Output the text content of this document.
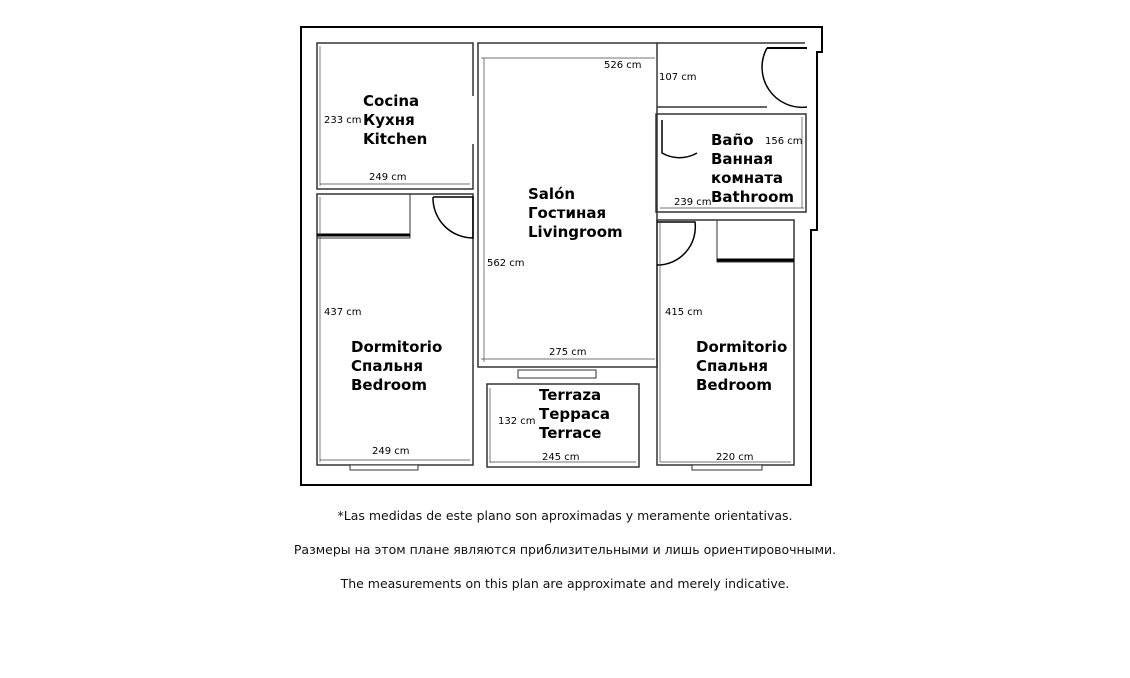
Cocina Кухня Kitchen
Salón Гостиная Livingroom
Baño Ванная комната Bathroom
Dormitorio Спальня Bedroom
Dormitorio Спальня Bedroom
Terraza Терраса Terrace
233 cm
249 cm
526 cm
107 cm
562 cm
275 cm
156 cm
239 cm
437 cm
249 cm
415 cm
220 cm
132 cm
245 cm
*Las medidas de este plano son aproximadas y meramente orientativas.
Размеры на этом плане являются приблизительными и лишь ориентировочными.
The measurements on this plan are approximate and merely indicative.
